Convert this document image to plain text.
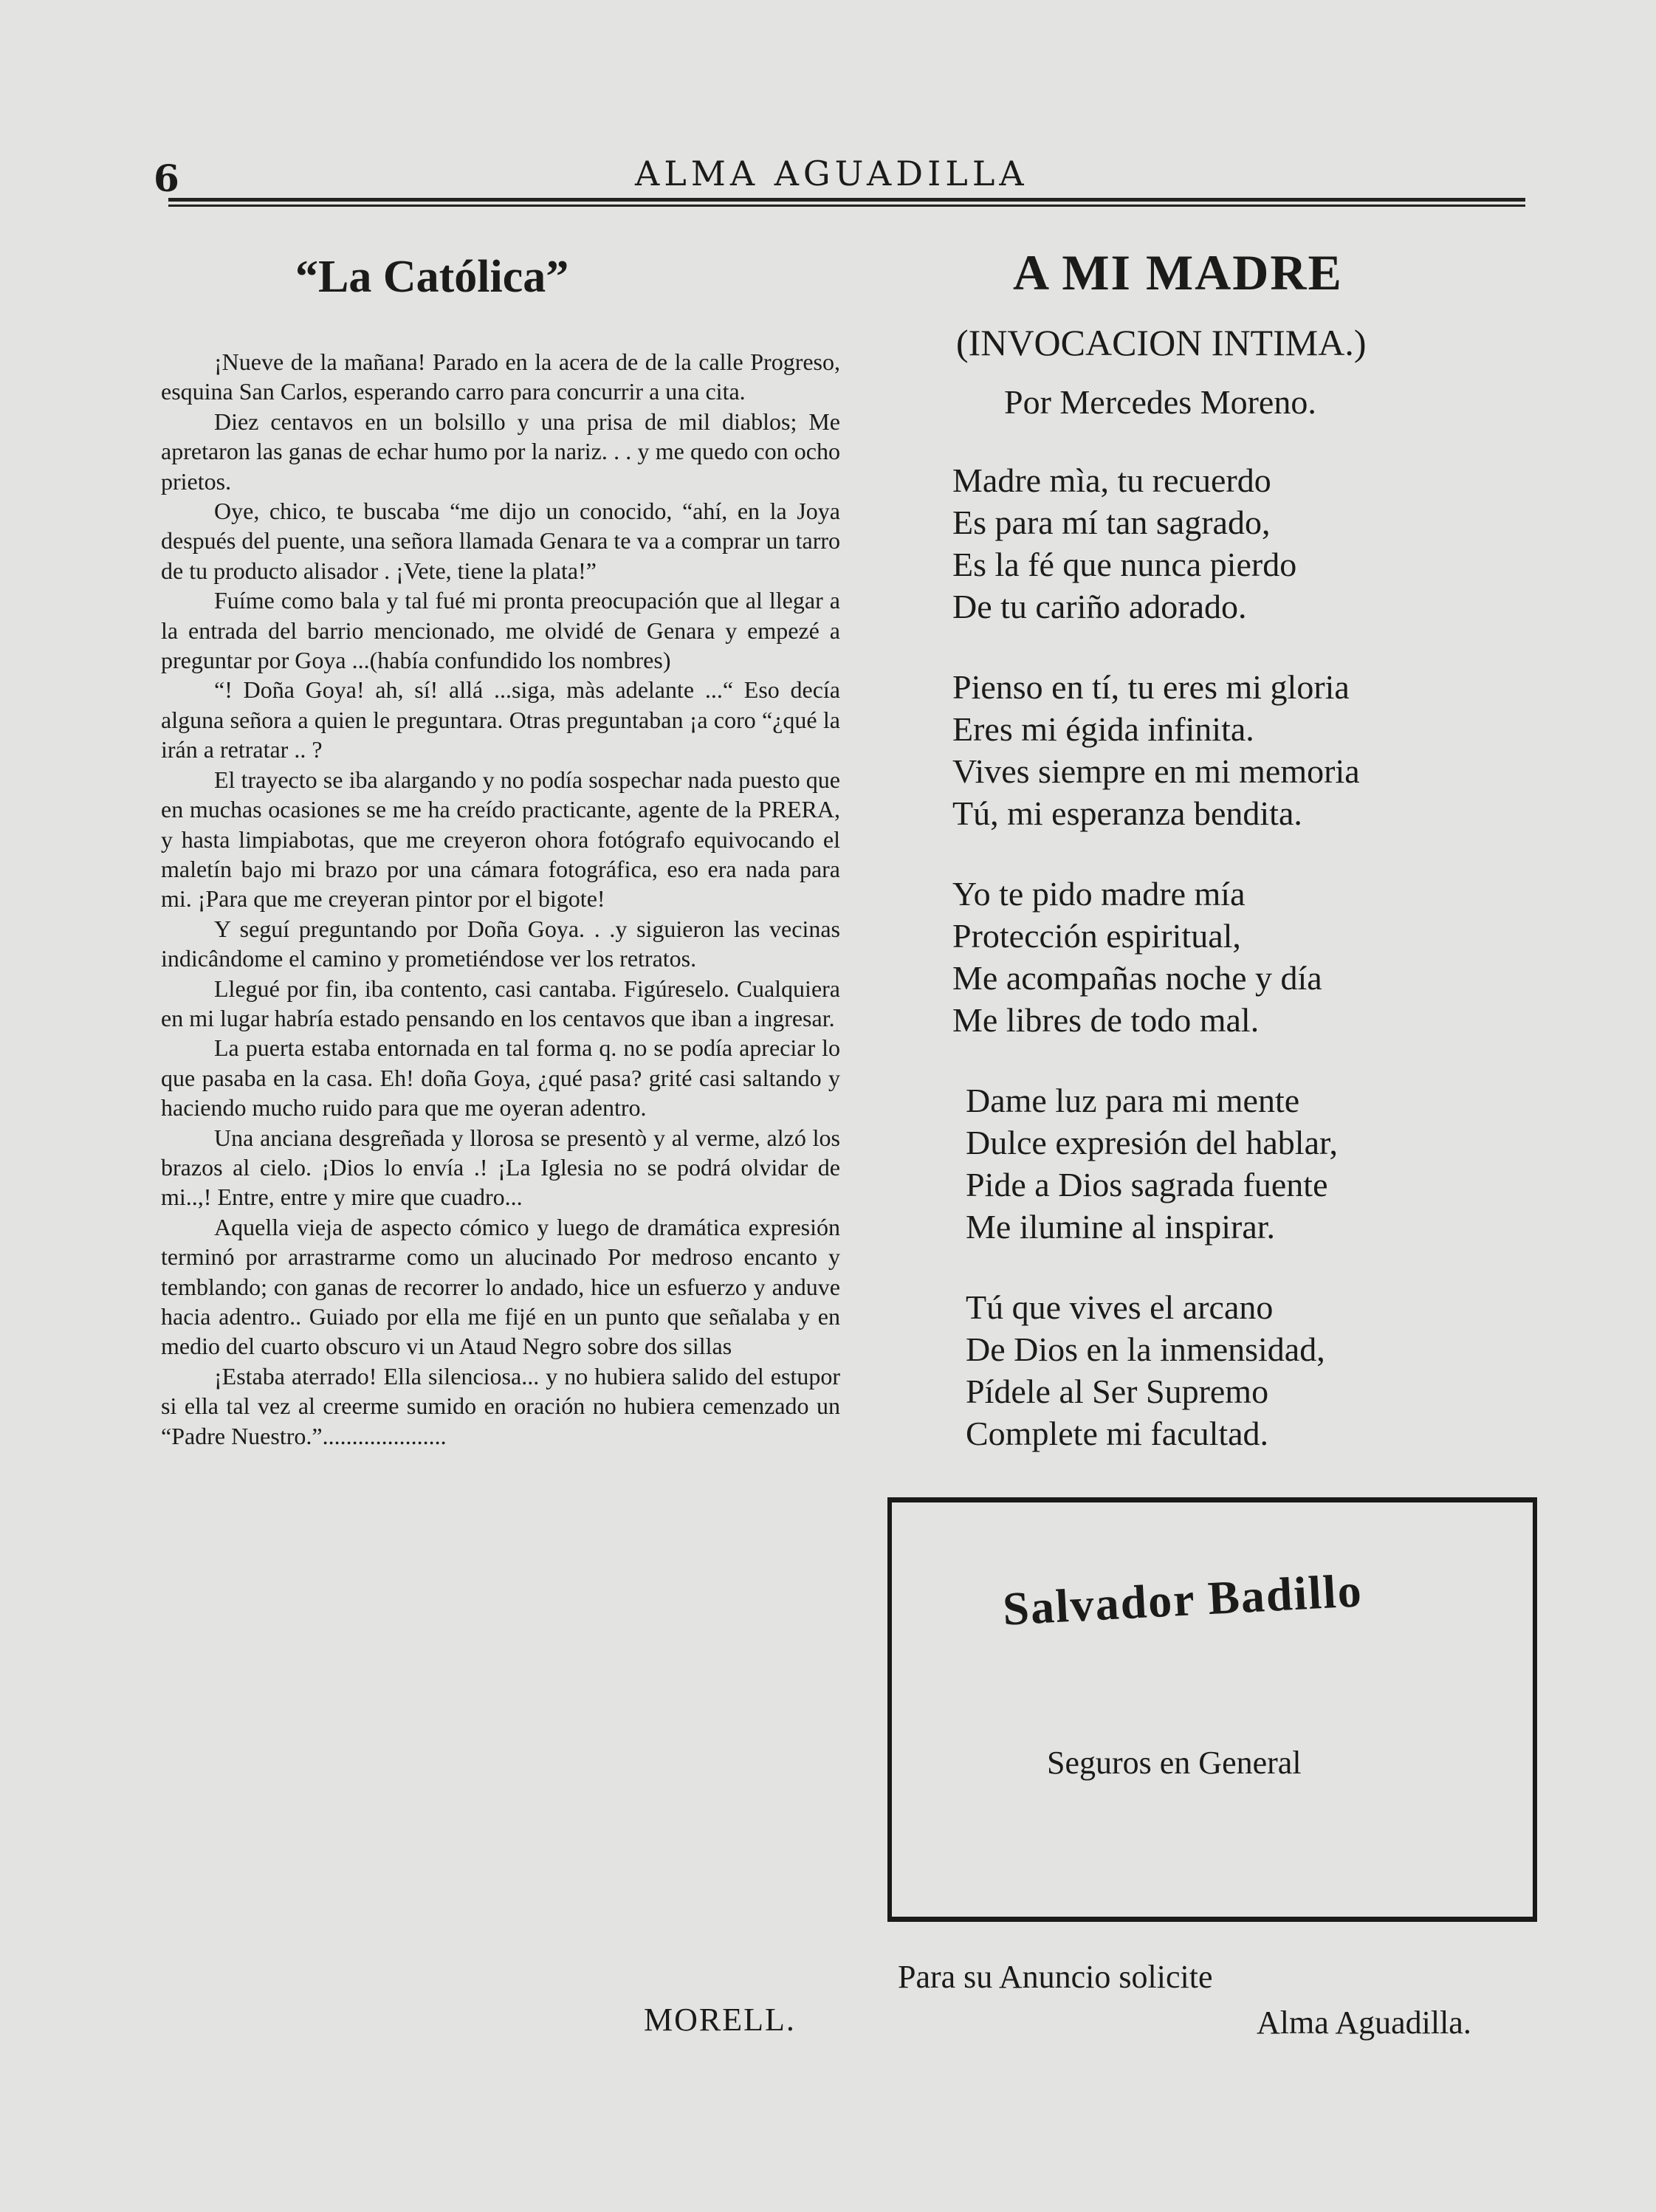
6	ALMA AGUADILLA
“La Católica”

¡Nueve de la mañana! Parado en la acera de de la calle Progreso, esquina San Carlos, esperando carro para concurrir a una cita.

Diez centavos en un bolsillo y una prisa de mil diablos; Me apretaron las ganas de echar humo por la nariz. . . y me quedo con ocho prietos.

Oye, chico, te buscaba “me dijo un conocido, “ahí, en la Joya después del puente, una señora llamada Genara te va a comprar un tarro de tu producto alisador . ¡Vete, tiene la plata!”

Fuíme como bala y tal fué mi pronta preocupación que al llegar a la entrada del barrio mencionado, me olvidé de Genara y empezé a preguntar por Goya ...(había confundido los nombres)

“! Doña Goya! ah, sí! allá ...siga, màs adelante ...“ Eso decía alguna señora a quien le preguntara. Otras preguntaban ¡a coro “¿qué la irán a retratar .. ?

El trayecto se iba alargando y no podía sospechar nada puesto que en muchas ocasiones se me ha creído practicante, agente de la PRERA, y hasta limpiabotas, que me creyeron ohora fotógrafo equivocando el maletín bajo mi brazo por una cámara fotográfica, eso era nada para mi. ¡Para que me creyeran pintor por el bigote!

Y seguí preguntando por Doña Goya. . .y siguieron las vecinas indicândome el camino y prometiéndose ver los retratos.

Llegué por fin, iba contento, casi cantaba. Figúreselo. Cualquiera en mi lugar habría estado pensando en los centavos que iban a ingresar.

La puerta estaba entornada en tal forma q. no se podía apreciar lo que pasaba en la casa. Eh! doña Goya, ¿qué pasa? grité casi saltando y haciendo mucho ruido para que me oyeran adentro.

Una anciana desgreñada y llorosa se presentò y al verme, alzó los brazos al cielo. ¡Dios lo envía .! ¡La Iglesia no se podrá olvidar de mi..,! Entre, entre y mire que cuadro...

Aquella vieja de aspecto cómico y luego de dramática expresión terminó por arrastrarme como un alucinado Por medroso encanto y temblando; con ganas de recorrer lo andado, hice un esfuerzo y anduve hacia adentro.. Guiado por ella me fijé en un punto que señalaba y en medio del cuarto obscuro vi un Ataud Negro sobre dos sillas

¡Estaba aterrado! Ella silenciosa... y no hubiera salido del estupor si ella tal vez al creerme sumido en oración no hubiera cemenzado un “Padre Nuestro.”.....................

MORELL.
A MI MADRE
(INVOCACION INTIMA.)
Por Mercedes Moreno.
Madre mìa, tu recuerdo
Es para mí tan sagrado,
Es la fé que nunca pierdo
De tu cariño adorado.
Pienso en tí, tu eres mi gloria
Eres mi égida infinita.
Vives siempre en mi memoria
Tú, mi esperanza bendita.
Yo te pido madre mía
Protección espiritual,
Me acompañas noche y día
Me libres de todo mal.
Dame luz para mi mente
Dulce expresión del hablar,
Pide a Dios sagrada fuente
Me ilumine al inspirar.
Tú que vives el arcano
De Dios en la inmensidad,
Pídele al Ser Supremo
Complete mi facultad.
Salvador Badillo
Seguros en General
Para su Anuncio solicite
Alma Aguadilla.
